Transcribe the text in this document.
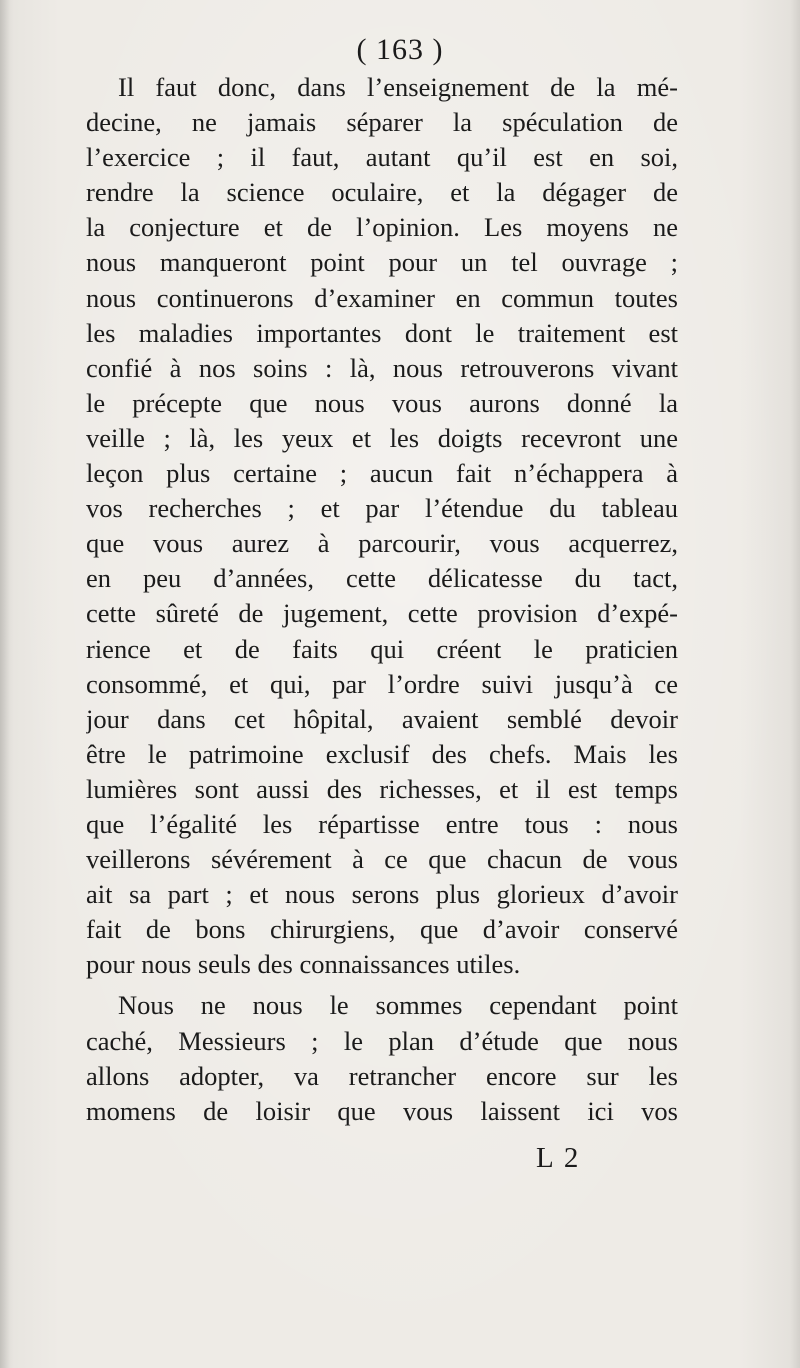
( 163 )
Il faut donc, dans l’enseignement de la mé-
decine, ne jamais séparer la spéculation de
l’exercice ; il faut, autant qu’il est en soi,
rendre la science oculaire, et la dégager de
la conjecture et de l’opinion. Les moyens ne
nous manqueront point pour un tel ouvrage ;
nous continuerons d’examiner en commun toutes
les maladies importantes dont le traitement est
confié à nos soins : là, nous retrouverons vivant
le précepte que nous vous aurons donné la
veille ; là, les yeux et les doigts recevront une
leçon plus certaine ; aucun fait n’échappera à
vos recherches ; et par l’étendue du tableau
que vous aurez à parcourir, vous acquerrez,
en peu d’années, cette délicatesse du tact,
cette sûreté de jugement, cette provision d’expé-
rience et de faits qui créent le praticien
consommé, et qui, par l’ordre suivi jusqu’à ce
jour dans cet hôpital, avaient semblé devoir
être le patrimoine exclusif des chefs. Mais les
lumières sont aussi des richesses, et il est temps
que l’égalité les répartisse entre tous : nous
veillerons sévérement à ce que chacun de vous
ait sa part ; et nous serons plus glorieux d’avoir
fait de bons chirurgiens, que d’avoir conservé
pour nous seuls des connaissances utiles.
Nous ne nous le sommes cependant point
caché, Messieurs ; le plan d’étude que nous
allons adopter, va retrancher encore sur les
momens de loisir que vous laissent ici vos
L 2
